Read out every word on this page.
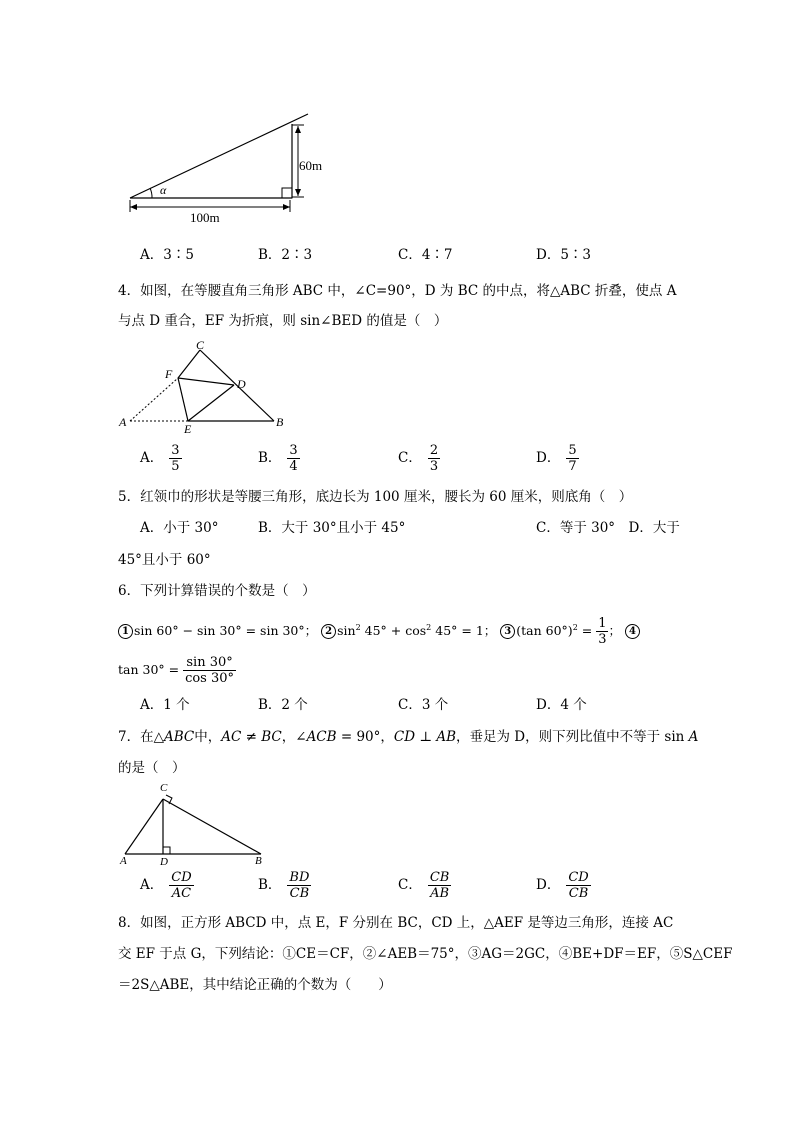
α
60m
100m
A．3∶5	B．2∶3	C．4∶7	D．5∶3
4．如图，在等腰直角三角形 ABC 中，∠C=90°，D 为 BC 的中点，将△ABC 折叠，使点 A
与点 D 重合，EF 为折痕，则 sin∠BED 的值是（　）
C
F
D
A	E	B
A． $\frac{3}{5}$	B． $\frac{3}{4}$	C． $\frac{2}{3}$	D． $\frac{5}{7}$
5．红领巾的形状是等腰三角形，底边长为 100 厘米，腰长为 60 厘米，则底角（　）
A．小于 30°	B．大于 30°且小于 45°	C．等于 30°　D．大于
45°且小于 60°
6．下列计算错误的个数是（　）
1 sin 60° − sin 30° = sin 30°； 2 $\sin^2 45^\circ + \cos^2 45^\circ = 1$； 3 (tan $60^\circ)^2 = \frac{1}{3}$ ； 4
$\tan 30^\circ = \frac{\sin 30^\circ}{\cos 30^\circ}$
A．1 个	B．2 个	C．3 个	D．4 个
7．在△ABC中，AC ≠ BC，∠ACB = 90°，CD ⊥ AB，垂足为 D，则下列比值中不等于 sin A
的是（　）
C
A	D	B
A． $\frac{CD}{AC}$	B． $\frac{BD}{CB}$	C． $\frac{CB}{AB}$	D． $\frac{CD}{CB}$
8．如图，正方形 ABCD 中，点 E，F 分别在 BC，CD 上，△AEF 是等边三角形，连接 AC
交 EF 于点 G，下列结论：①CE＝CF，②∠AEB＝75°，③AG＝2GC，④BE+DF＝EF，⑤S△CEF
＝2S△ABE，其中结论正确的个数为（　　）
